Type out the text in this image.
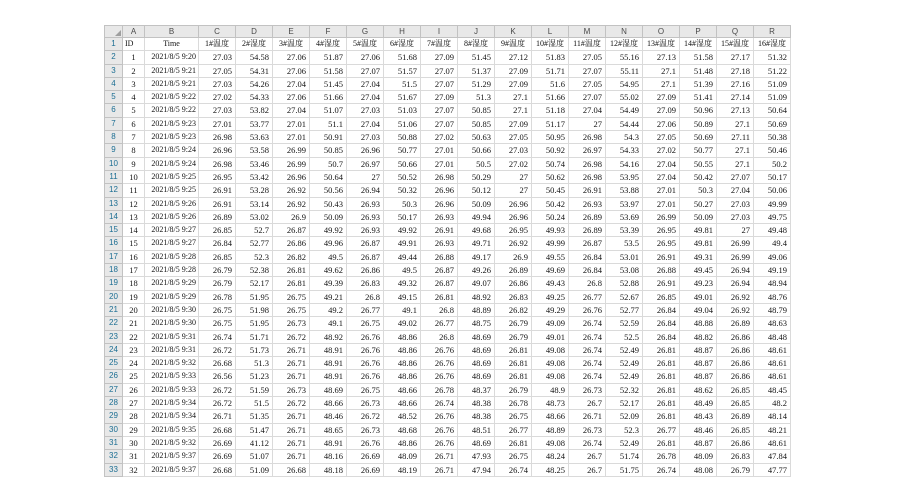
	A	B	C	D	E	F	G	H	I	J	K	L	M	N	O	P	Q	R
1	ID	Time	1#温度	2#湿度	3#温度	4#湿度	5#温度	6#湿度	7#温度	8#湿度	9#温度	10#湿度	11#温度	12#湿度	13#温度	14#湿度	15#温度	16#湿度
2	1	2021/8/5 9:20	27.03	54.58	27.06	51.87	27.06	51.68	27.09	51.45	27.12	51.83	27.05	55.16	27.13	51.58	27.17	51.32
3	2	2021/8/5 9:21	27.05	54.31	27.06	51.58	27.07	51.57	27.07	51.37	27.09	51.71	27.07	55.11	27.1	51.48	27.18	51.22
4	3	2021/8/5 9:21	27.03	54.26	27.04	51.45	27.04	51.5	27.07	51.29	27.09	51.6	27.05	54.95	27.1	51.39	27.16	51.09
5	4	2021/8/5 9:22	27.02	54.33	27.06	51.66	27.04	51.67	27.09	51.3	27.1	51.66	27.07	55.02	27.09	51.41	27.14	51.09
6	5	2021/8/5 9:22	27.03	53.82	27.04	51.07	27.03	51.03	27.07	50.85	27.1	51.18	27.04	54.49	27.09	50.96	27.13	50.64
7	6	2021/8/5 9:23	27.01	53.77	27.01	51.1	27.04	51.06	27.07	50.85	27.09	51.17	27	54.44	27.06	50.89	27.1	50.69
8	7	2021/8/5 9:23	26.98	53.63	27.01	50.91	27.03	50.88	27.02	50.63	27.05	50.95	26.98	54.3	27.05	50.69	27.11	50.38
9	8	2021/8/5 9:24	26.96	53.58	26.99	50.85	26.96	50.77	27.01	50.66	27.03	50.92	26.97	54.33	27.02	50.77	27.1	50.46
10	9	2021/8/5 9:24	26.98	53.46	26.99	50.7	26.97	50.66	27.01	50.5	27.02	50.74	26.98	54.16	27.04	50.55	27.1	50.2
11	10	2021/8/5 9:25	26.95	53.42	26.96	50.64	27	50.52	26.98	50.29	27	50.62	26.98	53.95	27.04	50.42	27.07	50.17
12	11	2021/8/5 9:25	26.91	53.28	26.92	50.56	26.94	50.32	26.96	50.12	27	50.45	26.91	53.88	27.01	50.3	27.04	50.06
13	12	2021/8/5 9:26	26.91	53.14	26.92	50.43	26.93	50.3	26.96	50.09	26.96	50.42	26.93	53.97	27.01	50.27	27.03	49.99
14	13	2021/8/5 9:26	26.89	53.02	26.9	50.09	26.93	50.17	26.93	49.94	26.96	50.24	26.89	53.69	26.99	50.09	27.03	49.75
15	14	2021/8/5 9:27	26.85	52.7	26.87	49.92	26.93	49.92	26.91	49.68	26.95	49.93	26.89	53.39	26.95	49.81	27	49.48
16	15	2021/8/5 9:27	26.84	52.77	26.86	49.96	26.87	49.91	26.93	49.71	26.92	49.99	26.87	53.5	26.95	49.81	26.99	49.4
17	16	2021/8/5 9:28	26.85	52.3	26.82	49.5	26.87	49.44	26.88	49.17	26.9	49.55	26.84	53.01	26.91	49.31	26.99	49.06
18	17	2021/8/5 9:28	26.79	52.38	26.81	49.62	26.86	49.5	26.87	49.26	26.89	49.69	26.84	53.08	26.88	49.45	26.94	49.19
19	18	2021/8/5 9:29	26.79	52.17	26.81	49.39	26.83	49.32	26.87	49.07	26.86	49.43	26.8	52.88	26.91	49.23	26.94	48.94
20	19	2021/8/5 9:29	26.78	51.95	26.75	49.21	26.8	49.15	26.81	48.92	26.83	49.25	26.77	52.67	26.85	49.01	26.92	48.76
21	20	2021/8/5 9:30	26.75	51.98	26.75	49.2	26.77	49.1	26.8	48.89	26.82	49.29	26.76	52.77	26.84	49.04	26.92	48.79
22	21	2021/8/5 9:30	26.75	51.95	26.73	49.1	26.75	49.02	26.77	48.75	26.79	49.09	26.74	52.59	26.84	48.88	26.89	48.63
23	22	2021/8/5 9:31	26.74	51.71	26.72	48.92	26.76	48.86	26.8	48.69	26.79	49.01	26.74	52.5	26.84	48.82	26.86	48.48
24	23	2021/8/5 9:31	26.72	51.73	26.71	48.91	26.76	48.86	26.76	48.69	26.81	49.08	26.74	52.49	26.81	48.87	26.86	48.61
25	24	2021/8/5 9:32	26.68	51.3	26.71	48.91	26.76	48.86	26.76	48.69	26.81	49.08	26.74	52.49	26.81	48.87	26.86	48.61
26	25	2021/8/5 9:33	26.56	51.23	26.71	48.91	26.76	48.86	26.76	48.69	26.81	49.08	26.74	52.49	26.81	48.87	26.86	48.61
27	26	2021/8/5 9:33	26.72	51.59	26.73	48.69	26.75	48.66	26.78	48.37	26.79	48.9	26.73	52.32	26.81	48.62	26.85	48.45
28	27	2021/8/5 9:34	26.72	51.5	26.72	48.66	26.73	48.66	26.74	48.38	26.78	48.73	26.7	52.17	26.81	48.49	26.85	48.2
29	28	2021/8/5 9:34	26.71	51.35	26.71	48.46	26.72	48.52	26.76	48.38	26.75	48.66	26.71	52.09	26.81	48.43	26.89	48.14
30	29	2021/8/5 9:35	26.68	51.47	26.71	48.65	26.73	48.68	26.76	48.51	26.77	48.89	26.73	52.3	26.77	48.46	26.85	48.21
31	30	2021/8/5 9:32	26.69	41.12	26.71	48.91	26.76	48.86	26.76	48.69	26.81	49.08	26.74	52.49	26.81	48.87	26.86	48.61
32	31	2021/8/5 9:37	26.69	51.07	26.71	48.16	26.69	48.09	26.71	47.93	26.75	48.24	26.7	51.74	26.78	48.09	26.83	47.84
33	32	2021/8/5 9:37	26.68	51.09	26.68	48.18	26.69	48.19	26.71	47.94	26.74	48.25	26.7	51.75	26.74	48.08	26.79	47.77
